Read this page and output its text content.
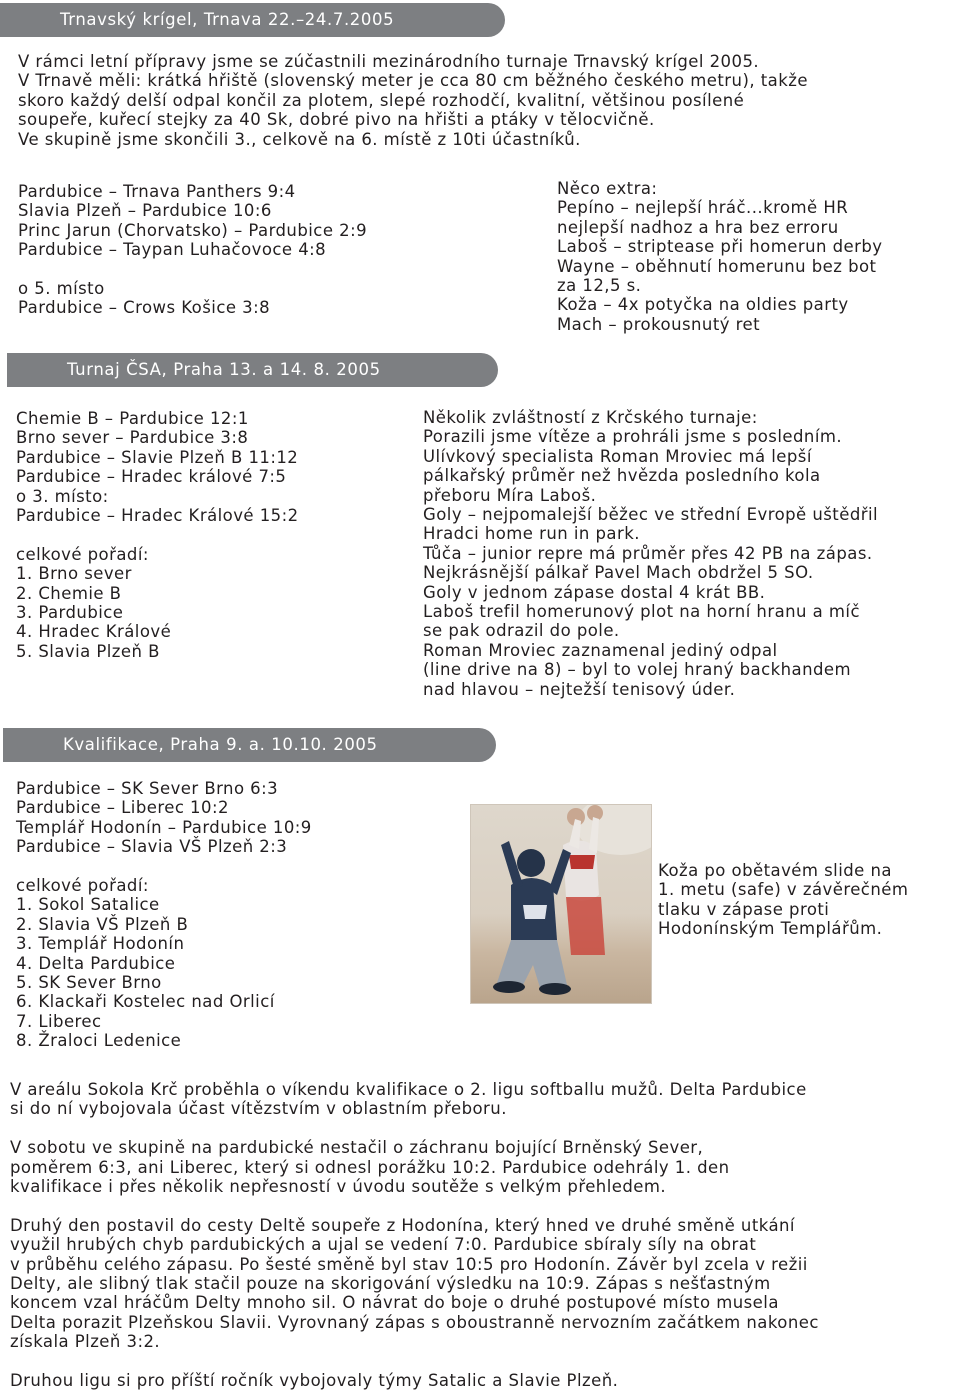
Trnavský krígel, Trnava 22.–24.7.2005
V rámci letní přípravy jsme se zúčastnili mezinárodního turnaje Trnavský krígel 2005.
V Trnavě měli: krátká hřiště (slovenský meter je cca 80 cm běžného českého metru), takže
skoro každý delší odpal končil za plotem, slepé rozhodčí, kvalitní, většinou posílené
soupeře, kuřecí stejky za 40 Sk, dobré pivo na hřišti a ptáky v tělocvičně.
Ve skupině jsme skončili 3., celkově na 6. místě z 10ti účastníků.
Pardubice – Trnava Panthers 9:4
Slavia Plzeň – Pardubice 10:6
Princ Jarun (Chorvatsko) – Pardubice 2:9
Pardubice – Taypan Luhačovoce 4:8
o 5. místo
Pardubice – Crows Košice 3:8
Něco extra:
Pepíno – nejlepší hráč...kromě HR
nejlepší nadhoz a hra bez erroru
Laboš – striptease při homerun derby
Wayne – oběhnutí homerunu bez bot
za 12,5 s.
Koža – 4x potyčka na oldies party
Mach – prokousnutý ret
Turnaj ČSA, Praha 13. a 14. 8. 2005
Chemie B – Pardubice 12:1
Brno sever – Pardubice 3:8
Pardubice – Slavie Plzeň B 11:12
Pardubice – Hradec králové 7:5
o 3. místo:
Pardubice – Hradec Králové 15:2
celkové pořadí:
1. Brno sever
2. Chemie B
3. Pardubice
4. Hradec Králové
5. Slavia Plzeň B
Několik zvláštností z Krčského turnaje:
Porazili jsme vítěze a prohráli jsme s posledním.
Ulívkový specialista Roman Mroviec má lepší
pálkařský průměr než hvězda posledního kola
přeboru Míra Laboš.
Goly – nejpomalejší běžec ve střední Evropě uštědřil
Hradci home run in park.
Tůča – junior repre má průměr přes 42 PB na zápas.
Nejkrásnější pálkař Pavel Mach obdržel 5 SO.
Goly v jednom zápase dostal 4 krát BB.
Laboš trefil homerunový plot na horní hranu a míč
se pak odrazil do pole.
Roman Mroviec zaznamenal jediný odpal
(line drive na 8) – byl to volej hraný backhandem
nad hlavou – nejtežší tenisový úder.
Kvalifikace, Praha 9. a. 10.10. 2005
Pardubice – SK Sever Brno 6:3
Pardubice – Liberec 10:2
Templář Hodonín – Pardubice 10:9
Pardubice – Slavia VŠ Plzeň 2:3
celkové pořadí:
1. Sokol Satalice
2. Slavia VŠ Plzeň B
3. Templář Hodonín
4. Delta Pardubice
5. SK Sever Brno
6. Klackaři Kostelec nad Orlicí
7. Liberec
8. Žraloci Ledenice
Koža po obětavém slide na
1. metu (safe) v závěrečném
tlaku v zápase proti
Hodonínským Templářům.
V areálu Sokola Krč proběhla o víkendu kvalifikace o 2. ligu softballu mužů. Delta Pardubice
si do ní vybojovala účast vítězstvím v oblastním přeboru.
V sobotu ve skupině na pardubické nestačil o záchranu bojující Brněnský Sever,
poměrem 6:3, ani Liberec, který si odnesl porážku 10:2. Pardubice odehrály 1. den
kvalifikace i přes několik nepřesností v úvodu soutěže s velkým přehledem.
Druhý den postavil do cesty Deltě soupeře z Hodonína, který hned ve druhé směně utkání
využil hrubých chyb pardubických a ujal se vedení 7:0. Pardubice sbíraly síly na obrat
v průběhu celého zápasu. Po šesté směně byl stav 10:5 pro Hodonín. Závěr byl zcela v režii
Delty, ale slibný tlak stačil pouze na skorigování výsledku na 10:9. Zápas s nešťastným
koncem vzal hráčům Delty mnoho sil. O návrat do boje o druhé postupové místo musela
Delta porazit Plzeňskou Slavii. Vyrovnaný zápas s oboustranně nervozním začátkem nakonec
získala Plzeň 3:2.
Druhou ligu si pro příští ročník vybojovaly týmy Satalic a Slavie Plzeň.
